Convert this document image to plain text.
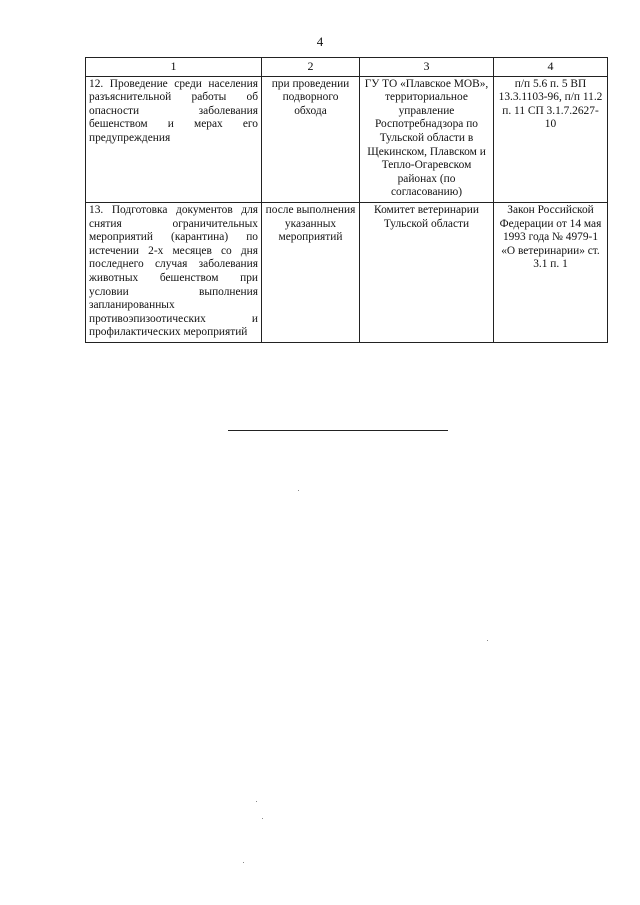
4
1	2	3	4
12. Проведение среди населения разъяснительной работы об опасности заболевания бешенством и мерах его предупреждения	при проведении подворного обхода	ГУ ТО «Плавское МОВ», территориальное управление Роспотребнадзора по Тульской области в Щекинском, Плавском и Тепло-Огаревском районах (по согласованию)	п/п 5.6 п. 5 ВП 13.3.1103-96, п/п 11.2 п. 11 СП 3.1.7.2627-10
13. Подготовка документов для снятия ограничительных мероприятий (карантина) по истечении 2-х месяцев со дня последнего случая заболевания животных бешенством при условии выполнения запланированных противоэпизоотических и профилактических мероприятий	после выполнения указанных мероприятий	Комитет ветеринарии Тульской области	Закон Российской Федерации от 14 мая 1993 года № 4979-1 «О ветеринарии» ст. 3.1 п. 1
